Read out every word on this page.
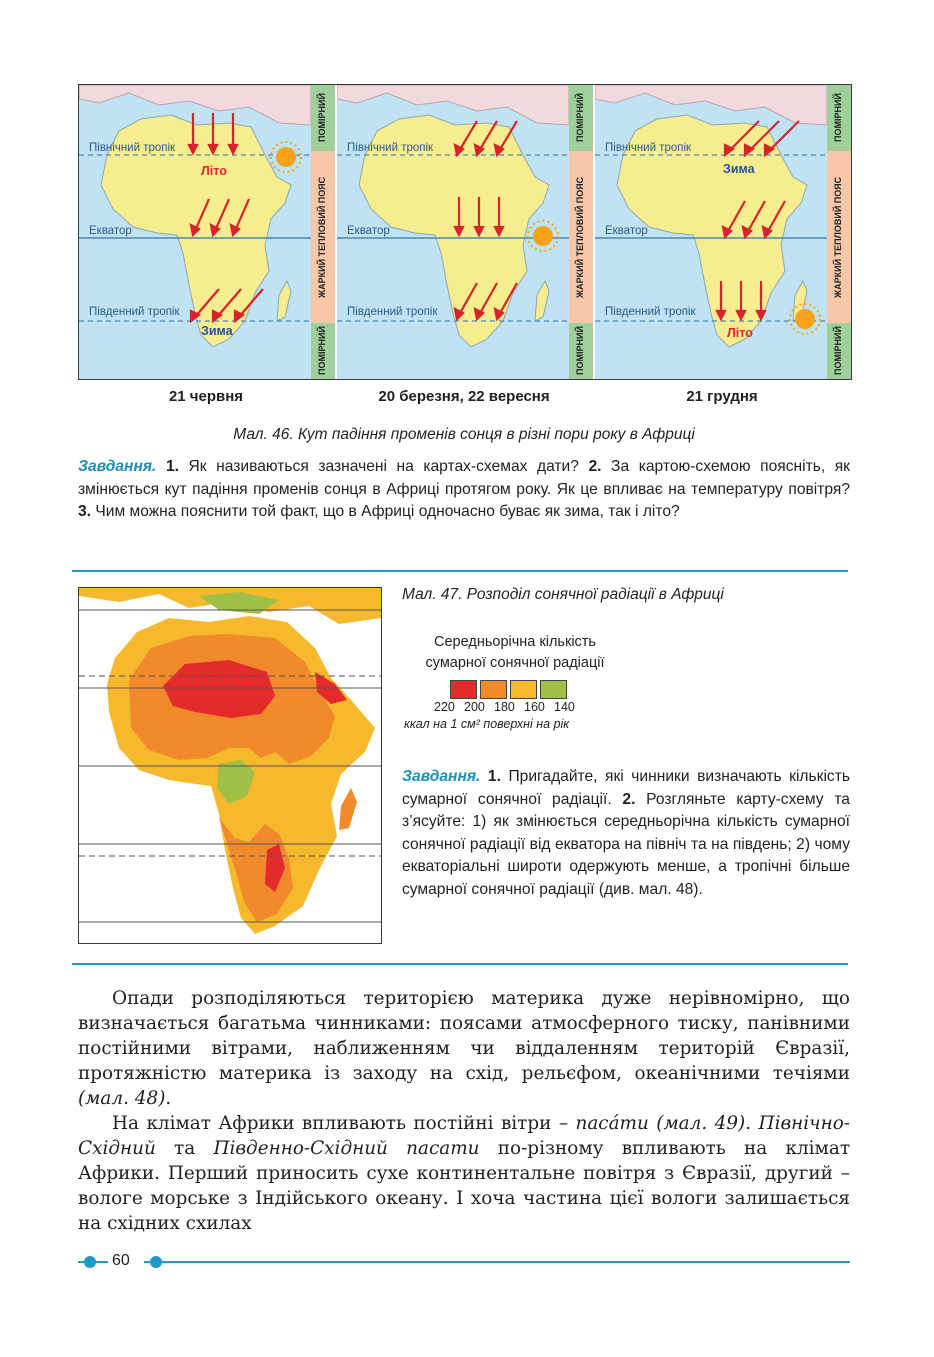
Північний тропік
Екватор
Південний тропік
Літо
Зима
ПОМІРНИЙ
ЖАРКИЙ ТЕПЛОВИЙ ПОЯС
ПОМІРНИЙ
Північний тропік
Екватор
Південний тропік
ПОМІРНИЙ
ЖАРКИЙ ТЕПЛОВИЙ ПОЯС
ПОМІРНИЙ
Північний тропік
Екватор
Південний тропік
Зима
Літо
ПОМІРНИЙ
ЖАРКИЙ ТЕПЛОВИЙ ПОЯС
ПОМІРНИЙ
21 червня	20 березня, 22 вересня	21 грудня
Мал. 46. Кут падіння променів сонця в різні пори року в Африці
Завдання. 1. Як називаються зазначені на картах-схемах дати? 2. За картою-схемою поясніть, як змінюється кут падіння променів сонця в Африці протягом року. Як це впливає на температуру повітря? 3. Чим можна пояснити той факт, що в Африці одночасно буває як зима, так і літо?
Мал. 47. Розподіл сонячної радіації в Африці
Середньорічна кількість
сумарної сонячної радіації
220 200 180 160 140
ккал на 1 см² поверхні на рік
Завдання. 1. Пригадайте, які чинники визначають кількість сумарної сонячної радіації. 2. Розгляньте карту-схему та з’ясуйте: 1) як змінюється середньорічна кількість сумарної сонячної радіації від екватора на північ та на південь; 2) чому екваторіальні широти одержують менше, а тропічні більше сумарної сонячної радіації (див. мал. 48).

Опади розподіляються територією материка дуже нерівномірно, що визначається багатьма чинниками: поясами атмосферного тиску, панівними постійними вітрами, наближенням чи віддаленням територій Євразії, протяжністю материка із заходу на схід, рельєфом, океанічними течіями (мал. 48).

На клімат Африки впливають постійні вітри – пасáти (мал. 49). Північно-Східний та Південно-Східний пасати по-різному впливають на клімат Африки. Перший приносить сухе континентальне повітря з Євразії, другий – вологе морське з Індійського океану. І хоча частина цієї вологи залишається на східних схилах

60
